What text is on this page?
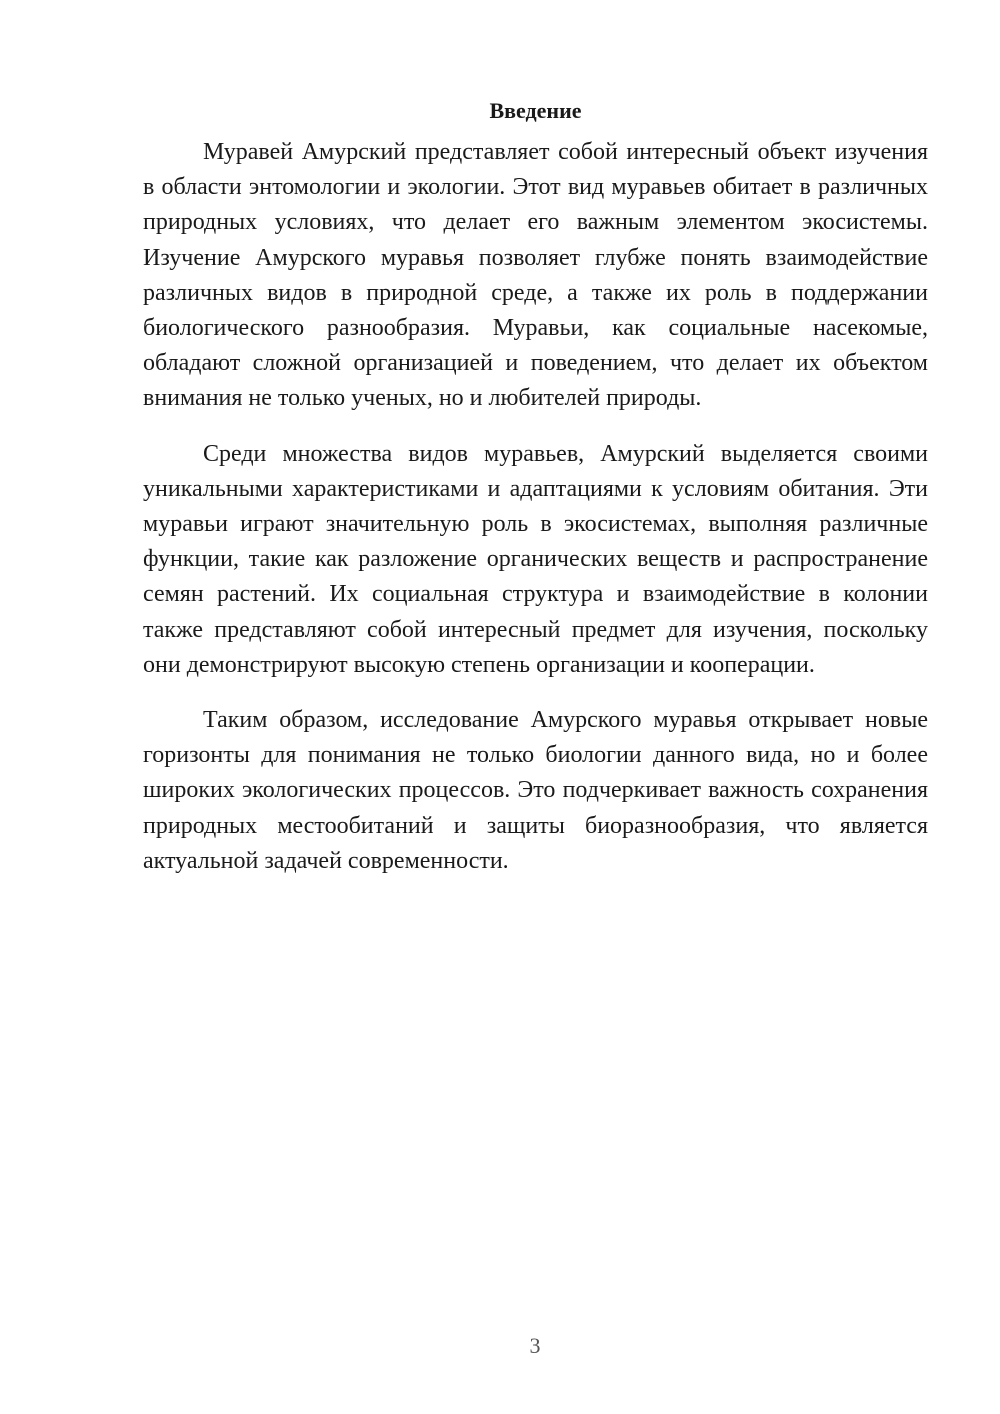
Введение

Муравей Амурский представляет собой интересный объект изучения в области энтомологии и экологии. Этот вид муравьев обитает в различных природных условиях, что делает его важным элементом экосистемы. Изучение Амурского муравья позволяет глубже понять взаимодействие различных видов в природной среде, а также их роль в поддержании биологического разнообразия. Муравьи, как социальные насекомые, обладают сложной организацией и поведением, что делает их объектом внимания не только ученых, но и любителей природы.

Среди множества видов муравьев, Амурский выделяется своими уникальными характеристиками и адаптациями к условиям обитания. Эти муравьи играют значительную роль в экосистемах, выполняя различные функции, такие как разложение органических веществ и распространение семян растений. Их социальная структура и взаимодействие в колонии также представляют собой интересный предмет для изучения, поскольку они демонстрируют высокую степень организации и кооперации.

Таким образом, исследование Амурского муравья открывает новые горизонты для понимания не только биологии данного вида, но и более широких экологических процессов. Это подчеркивает важность сохранения природных местообитаний и защиты биоразнообразия, что является актуальной задачей современности.

3
